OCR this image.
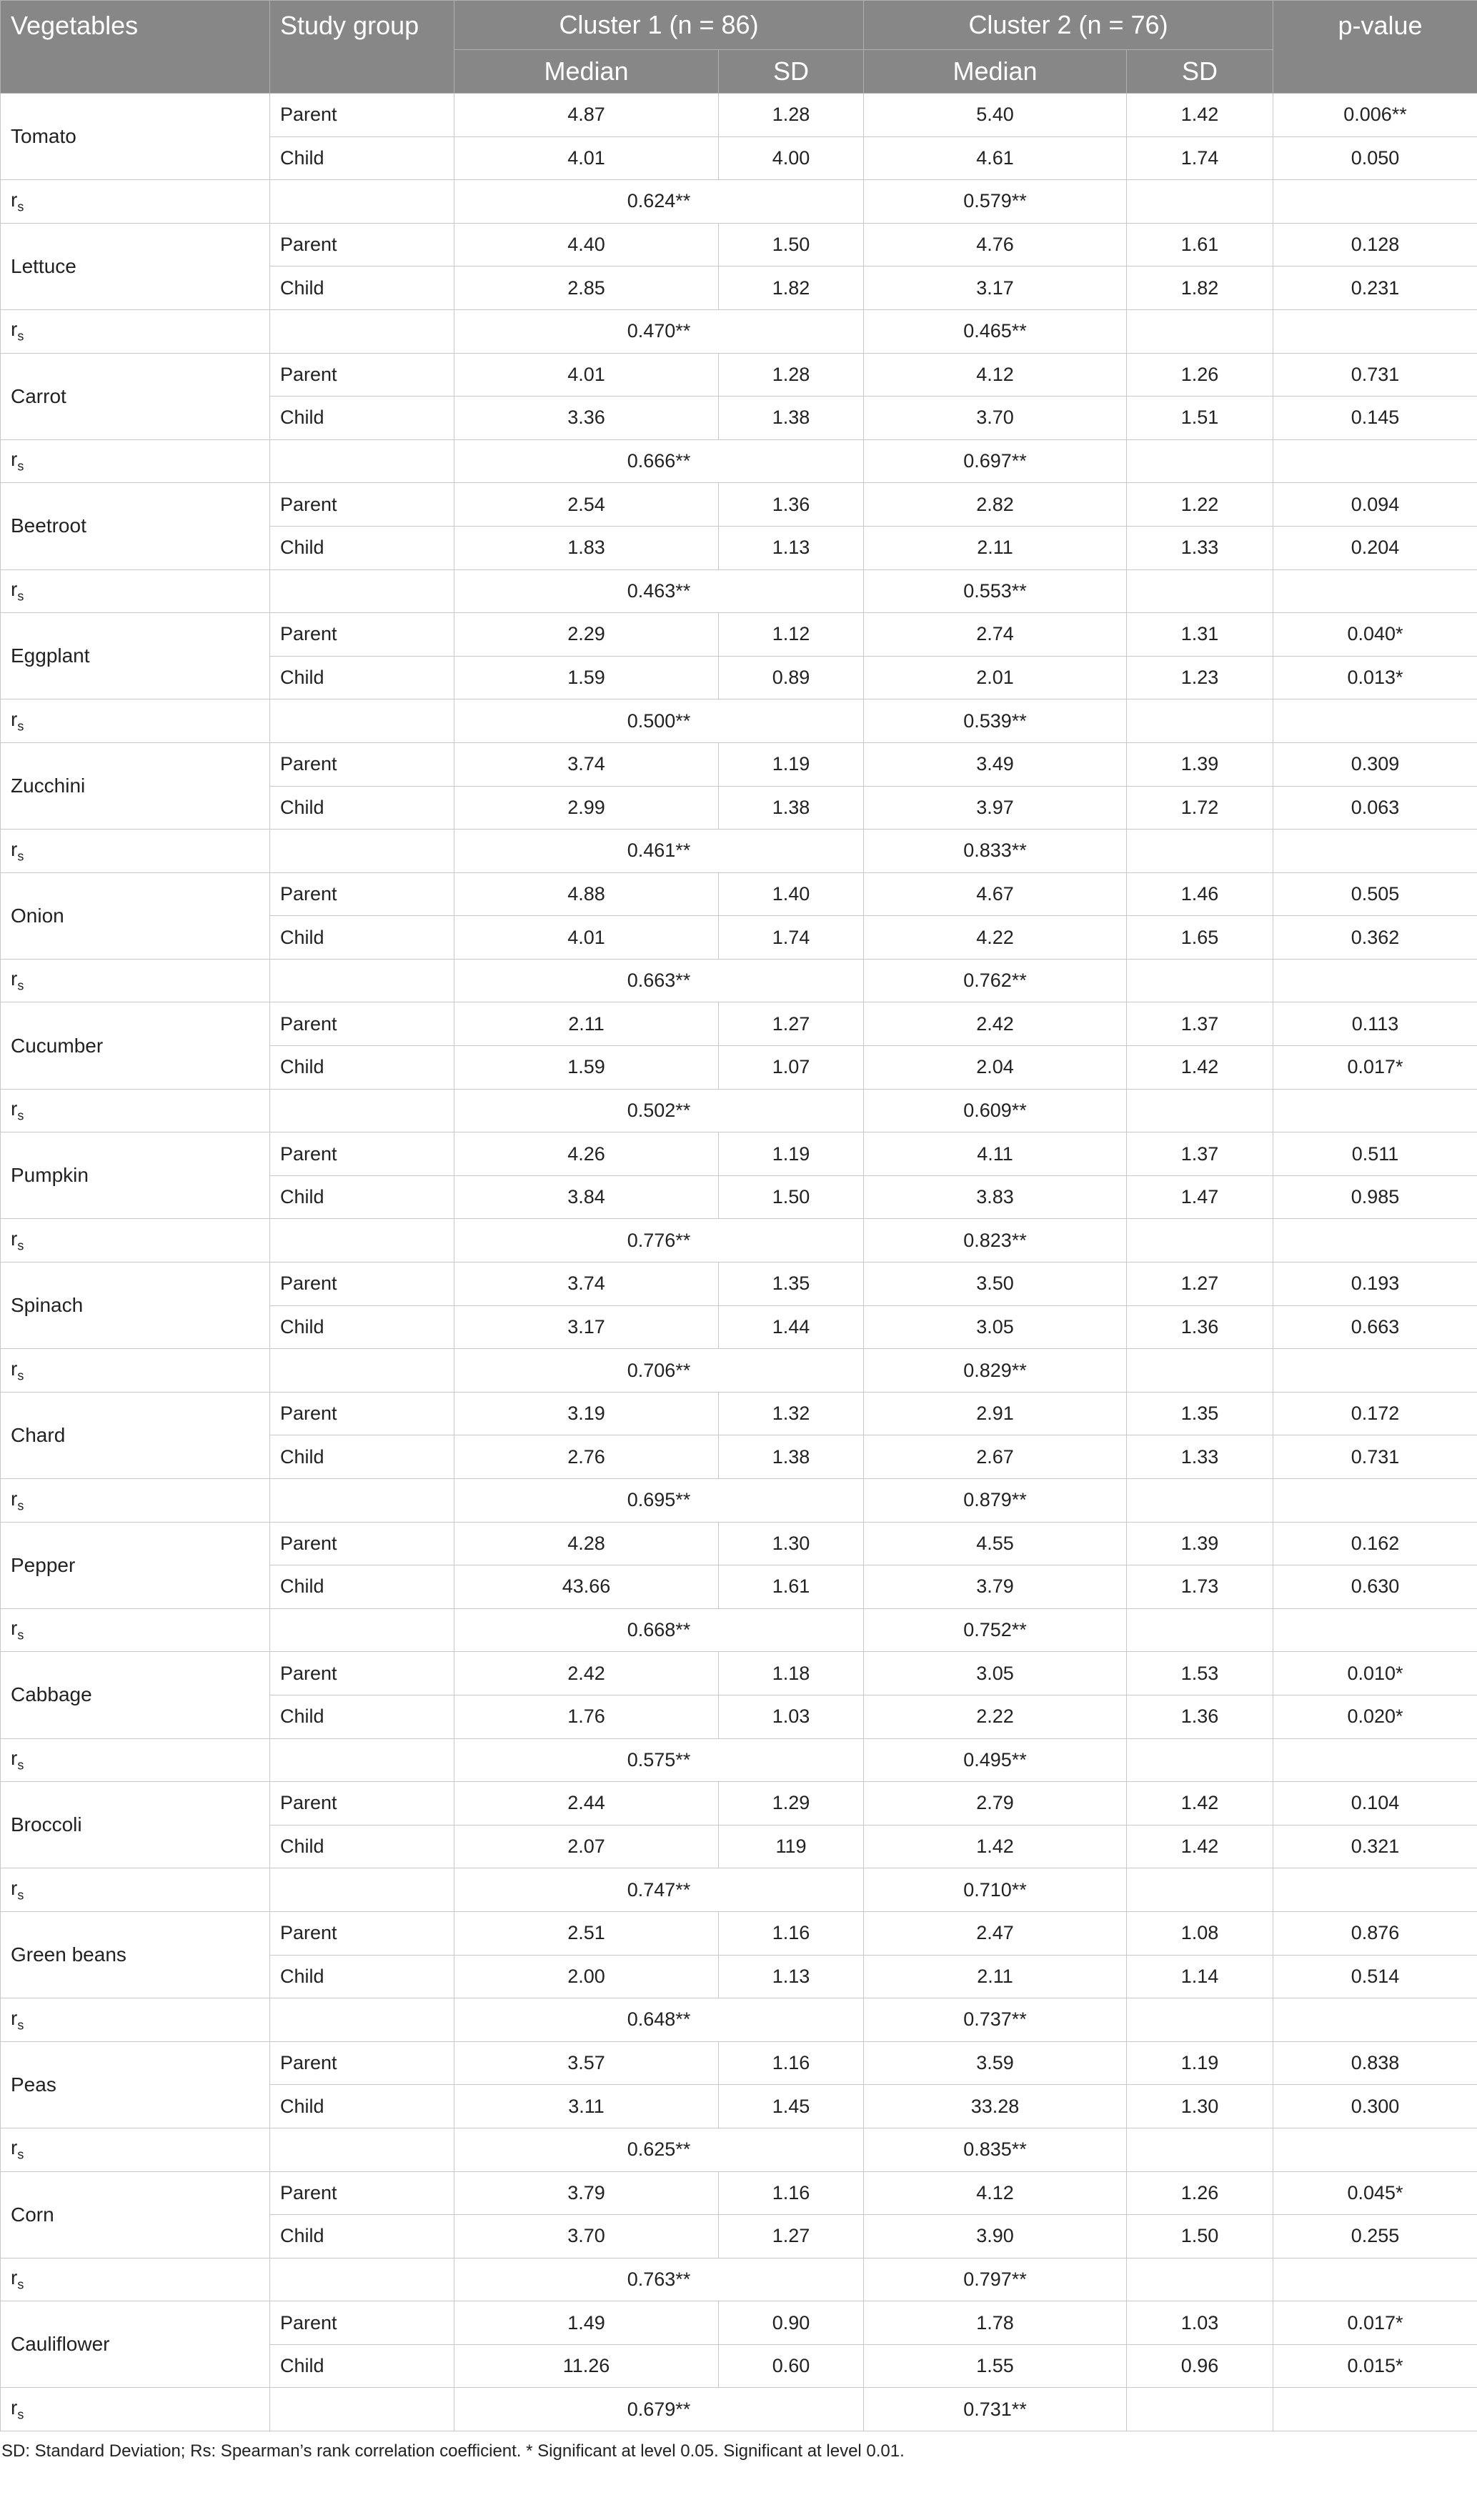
Vegetables	Study group	Cluster 1 (n = 86)		Cluster 2 (n = 76)		p-value
		Median	SD	Median	SD	
Tomato	Parent	4.87	1.28	5.40	1.42	0.006**
	Child	4.01	4.00	4.61	1.74	0.050
$r_s$		0.624**		0.579**		
Lettuce	Parent	4.40	1.50	4.76	1.61	0.128
	Child	2.85	1.82	3.17	1.82	0.231
$r_s$		0.470**		0.465**		
Carrot	Parent	4.01	1.28	4.12	1.26	0.731
	Child	3.36	1.38	3.70	1.51	0.145
$r_s$		0.666**		0.697**		
Beetroot	Parent	2.54	1.36	2.82	1.22	0.094
	Child	1.83	1.13	2.11	1.33	0.204
$r_s$		0.463**		0.553**		
Eggplant	Parent	2.29	1.12	2.74	1.31	0.040*
	Child	1.59	0.89	2.01	1.23	0.013*
$r_s$		0.500**		0.539**		
Zucchini	Parent	3.74	1.19	3.49	1.39	0.309
	Child	2.99	1.38	3.97	1.72	0.063
$r_s$		0.461**		0.833**		
Onion	Parent	4.88	1.40	4.67	1.46	0.505
	Child	4.01	1.74	4.22	1.65	0.362
$r_s$		0.663**		0.762**		
Cucumber	Parent	2.11	1.27	2.42	1.37	0.113
	Child	1.59	1.07	2.04	1.42	0.017*
$r_s$		0.502**		0.609**		
Pumpkin	Parent	4.26	1.19	4.11	1.37	0.511
	Child	3.84	1.50	3.83	1.47	0.985
$r_s$		0.776**		0.823**		
Spinach	Parent	3.74	1.35	3.50	1.27	0.193
	Child	3.17	1.44	3.05	1.36	0.663
$r_s$		0.706**		0.829**		
Chard	Parent	3.19	1.32	2.91	1.35	0.172
	Child	2.76	1.38	2.67	1.33	0.731
$r_s$		0.695**		0.879**		
Pepper	Parent	4.28	1.30	4.55	1.39	0.162
	Child	43.66	1.61	3.79	1.73	0.630
$r_s$		0.668**		0.752**		
Cabbage	Parent	2.42	1.18	3.05	1.53	0.010*
	Child	1.76	1.03	2.22	1.36	0.020*
$r_s$		0.575**		0.495**		
Broccoli	Parent	2.44	1.29	2.79	1.42	0.104
	Child	2.07	119	1.42	1.42	0.321
$r_s$		0.747**		0.710**		
Green beans	Parent	2.51	1.16	2.47	1.08	0.876
	Child	2.00	1.13	2.11	1.14	0.514
$r_s$		0.648**		0.737**		
Peas	Parent	3.57	1.16	3.59	1.19	0.838
	Child	3.11	1.45	33.28	1.30	0.300
$r_s$		0.625**		0.835**		
Corn	Parent	3.79	1.16	4.12	1.26	0.045*
	Child	3.70	1.27	3.90	1.50	0.255
$r_s$		0.763**		0.797**		
Cauliflower	Parent	1.49	0.90	1.78	1.03	0.017*
	Child	11.26	0.60	1.55	0.96	0.015*
$r_s$		0.679**		0.731**		
SD: Standard Deviation; Rs: Spearman’s rank correlation coefficient. * Significant at level 0.05. Significant at level 0.01.
